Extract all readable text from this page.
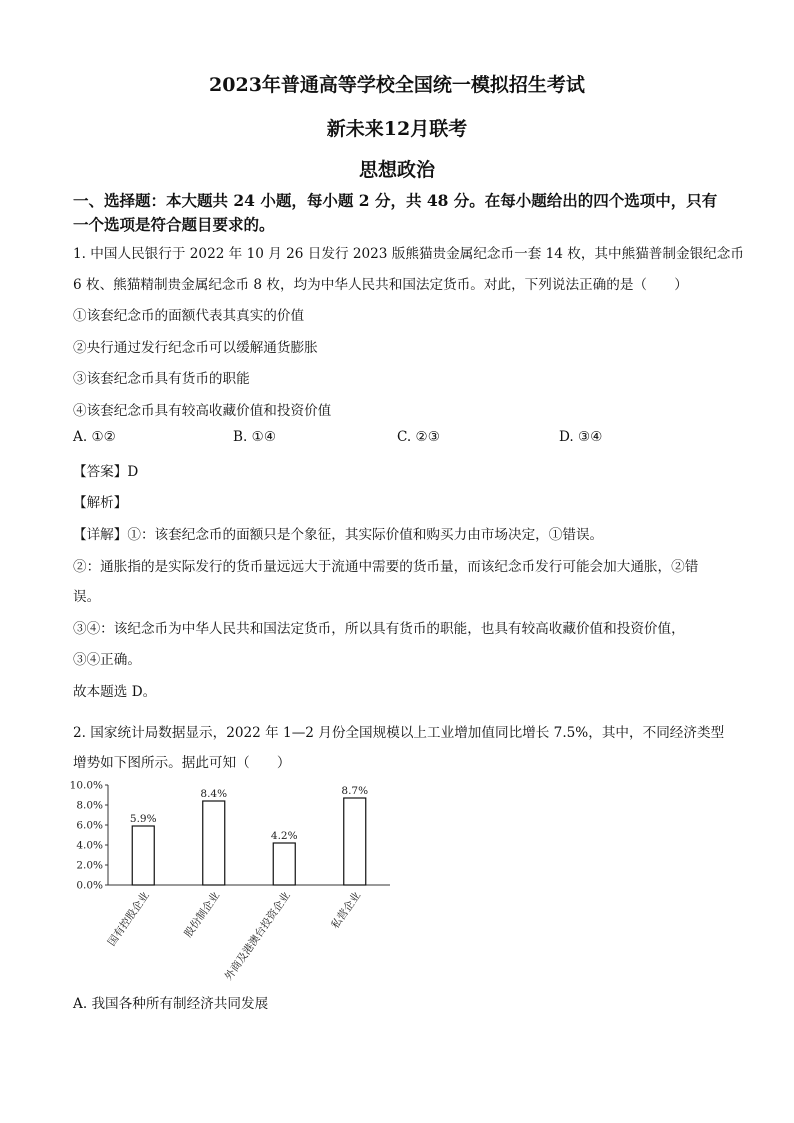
2023年普通高等学校全国统一模拟招生考试
新未来12月联考
思想政治
一、选择题：本大题共 24 小题，每小题 2 分，共 48 分。在每小题给出的四个选项中，只有
一个选项是符合题目要求的。
1. 中国人民银行于 2022 年 10 月 26 日发行 2023 版熊猫贵金属纪念币一套 14 枚，其中熊猫普制金银纪念币
6 枚、熊猫精制贵金属纪念币 8 枚，均为中华人民共和国法定货币。对此，下列说法正确的是（　　）
①该套纪念币的面额代表其真实的价值
②央行通过发行纪念币可以缓解通货膨胀
③该套纪念币具有货币的职能
④该套纪念币具有较高收藏价值和投资价值
A. ①②	B. ①④	C. ②③	D. ③④
【答案】D
【解析】
【详解】①：该套纪念币的面额只是个象征，其实际价值和购买力由市场决定，①错误。
②：通胀指的是实际发行的货币量远远大于流通中需要的货币量，而该纪念币发行可能会加大通胀，②错
误。
③④：该纪念币为中华人民共和国法定货币，所以具有货币的职能，也具有较高收藏价值和投资价值，
③④正确。
故本题选 D。
2. 国家统计局数据显示，2022 年 1—2 月份全国规模以上工业增加值同比增长 7.5%，其中，不同经济类型
增势如下图所示。据此可知（　　）
0.0%
2.0%
4.0%
6.0%
8.0%
10.0%
5.9%
国有控股企业
8.4%
股份制企业
4.2%
外商及港澳台投资企业
8.7%
私营企业
A. 我国各种所有制经济共同发展
